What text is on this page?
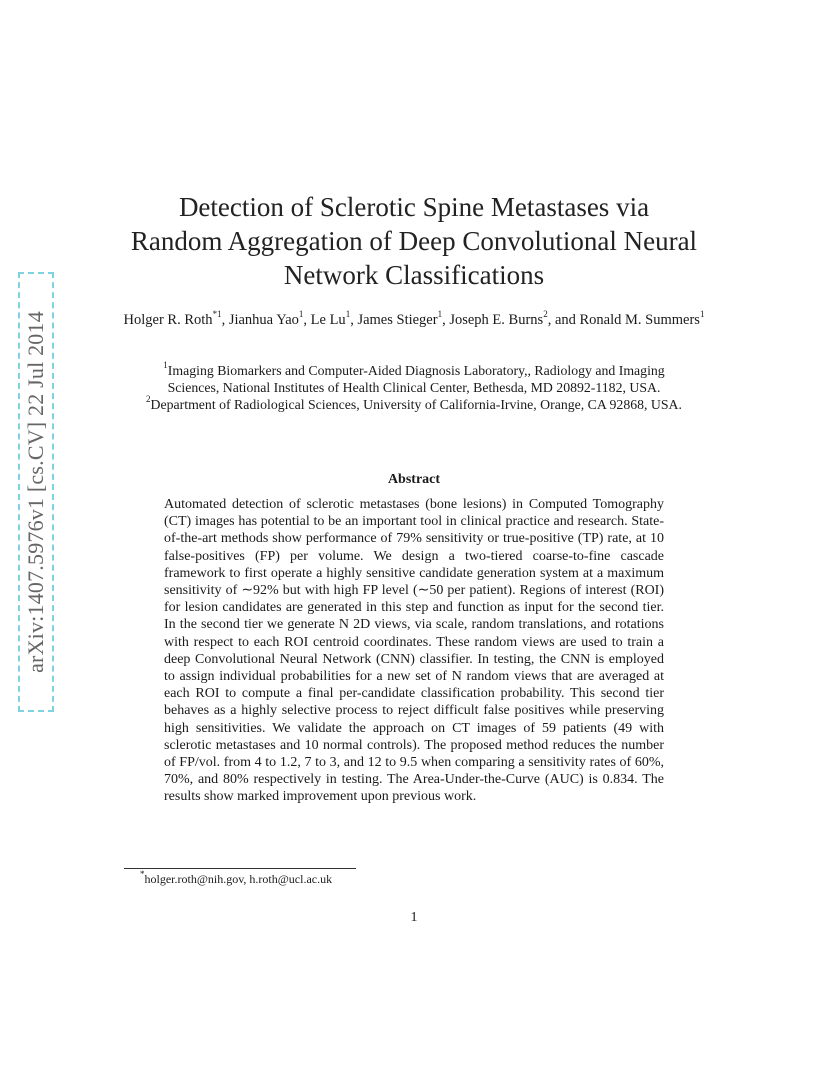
arXiv:1407.5976v1 [cs.CV] 22 Jul 2014
Detection of Sclerotic Spine Metastases via
Random Aggregation of Deep Convolutional Neural
Network Classifications
Holger R. Roth$^{*1}$, Jianhua Yao$^1$, Le Lu$^1$, James Stieger$^1$, Joseph E. Burns$^2$, and Ronald M. Summers$^1$
$^1$Imaging Biomarkers and Computer-Aided Diagnosis Laboratory,, Radiology and Imaging
Sciences, National Institutes of Health Clinical Center, Bethesda, MD 20892-1182, USA.
$^2$Department of Radiological Sciences, University of California-Irvine, Orange, CA 92868, USA.
Abstract
Automated detection of sclerotic metastases (bone lesions) in Computed Tomography (CT) images has potential to be an important tool in clinical practice and research. State-of-the-art methods show performance of 79% sensitivity or true-positive (TP) rate, at 10 false-positives (FP) per volume. We design a two-tiered coarse-to-fine cascade framework to first operate a highly sensitive candidate generation system at a maximum sensitivity of ∼92% but with high FP level (∼50 per patient). Regions of interest (ROI) for lesion candidates are generated in this step and function as input for the second tier. In the second tier we generate N 2D views, via scale, random translations, and rotations with respect to each ROI centroid coordinates. These random views are used to train a deep Convolutional Neural Network (CNN) classifier. In testing, the CNN is employed to assign individual probabilities for a new set of N random views that are averaged at each ROI to compute a final per-candidate classification probability. This second tier behaves as a highly selective process to reject difficult false positives while preserving high sensitivities. We validate the approach on CT images of 59 patients (49 with sclerotic metastases and 10 normal controls). The proposed method reduces the number of FP/vol. from 4 to 1.2, 7 to 3, and 12 to 9.5 when comparing a sensitivity rates of 60%, 70%, and 80% respectively in testing. The Area-Under-the-Curve (AUC) is 0.834. The results show marked improvement upon previous work.
*holger.roth@nih.gov, h.roth@ucl.ac.uk
1
